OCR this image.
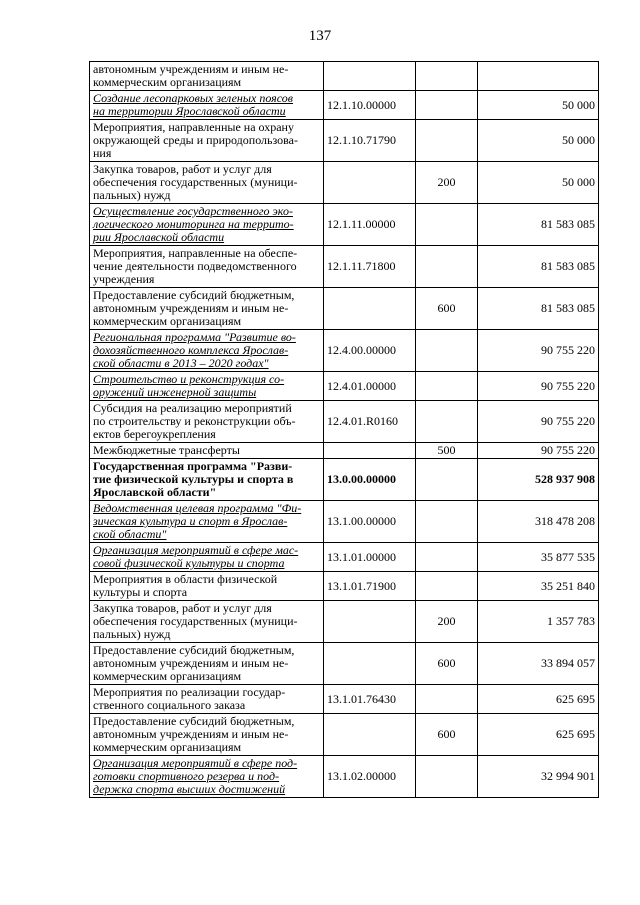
137
автономным учреждениям и иным не-
коммерческим организациям			

Создание лесопарковых зеленых поясов
на территории Ярославской области	12.1.10.00000		50 000

Мероприятия, направленные на охрану
окружающей среды и природопользова-
ния	12.1.10.71790		50 000

Закупка товаров, работ и услуг для
обеспечения государственных (муници-
пальных) нужд		200	50 000

Осуществление государственного эко-
логического мониторинга на террито-
рии Ярославской области	12.1.11.00000		81 583 085

Мероприятия, направленные на обеспе-
чение деятельности подведомственного
учреждения	12.1.11.71800		81 583 085

Предоставление субсидий бюджетным,
автономным учреждениям и иным не-
коммерческим организациям		600	81 583 085

Региональная программа "Развитие во-
дохозяйственного комплекса Ярослав-
ской области в 2013 – 2020 годах"	12.4.00.00000		90 755 220

Строительство и реконструкция со-
оружений инженерной защиты	12.4.01.00000		90 755 220

Субсидия на реализацию мероприятий
по строительству и реконструкции объ-
ектов берегоукрепления	12.4.01.R0160		90 755 220

Межбюджетные трансферты		500	90 755 220

Государственная программа "Разви-
тие физической культуры и спорта в
Ярославской области"	13.0.00.00000		528 937 908

Ведомственная целевая программа "Фи-
зическая культура и спорт в Ярослав-
ской области"	13.1.00.00000		318 478 208

Организация мероприятий в сфере мас-
совой физической культуры и спорта	13.1.01.00000		35 877 535

Мероприятия в области физической
культуры и спорта	13.1.01.71900		35 251 840

Закупка товаров, работ и услуг для
обеспечения государственных (муници-
пальных) нужд		200	1 357 783

Предоставление субсидий бюджетным,
автономным учреждениям и иным не-
коммерческим организациям		600	33 894 057

Мероприятия по реализации государ-
ственного социального заказа	13.1.01.76430		625 695

Предоставление субсидий бюджетным,
автономным учреждениям и иным не-
коммерческим организациям		600	625 695

Организация мероприятий в сфере под-
готовки спортивного резерва и под-
держка спорта высших достижений	13.1.02.00000		32 994 901
